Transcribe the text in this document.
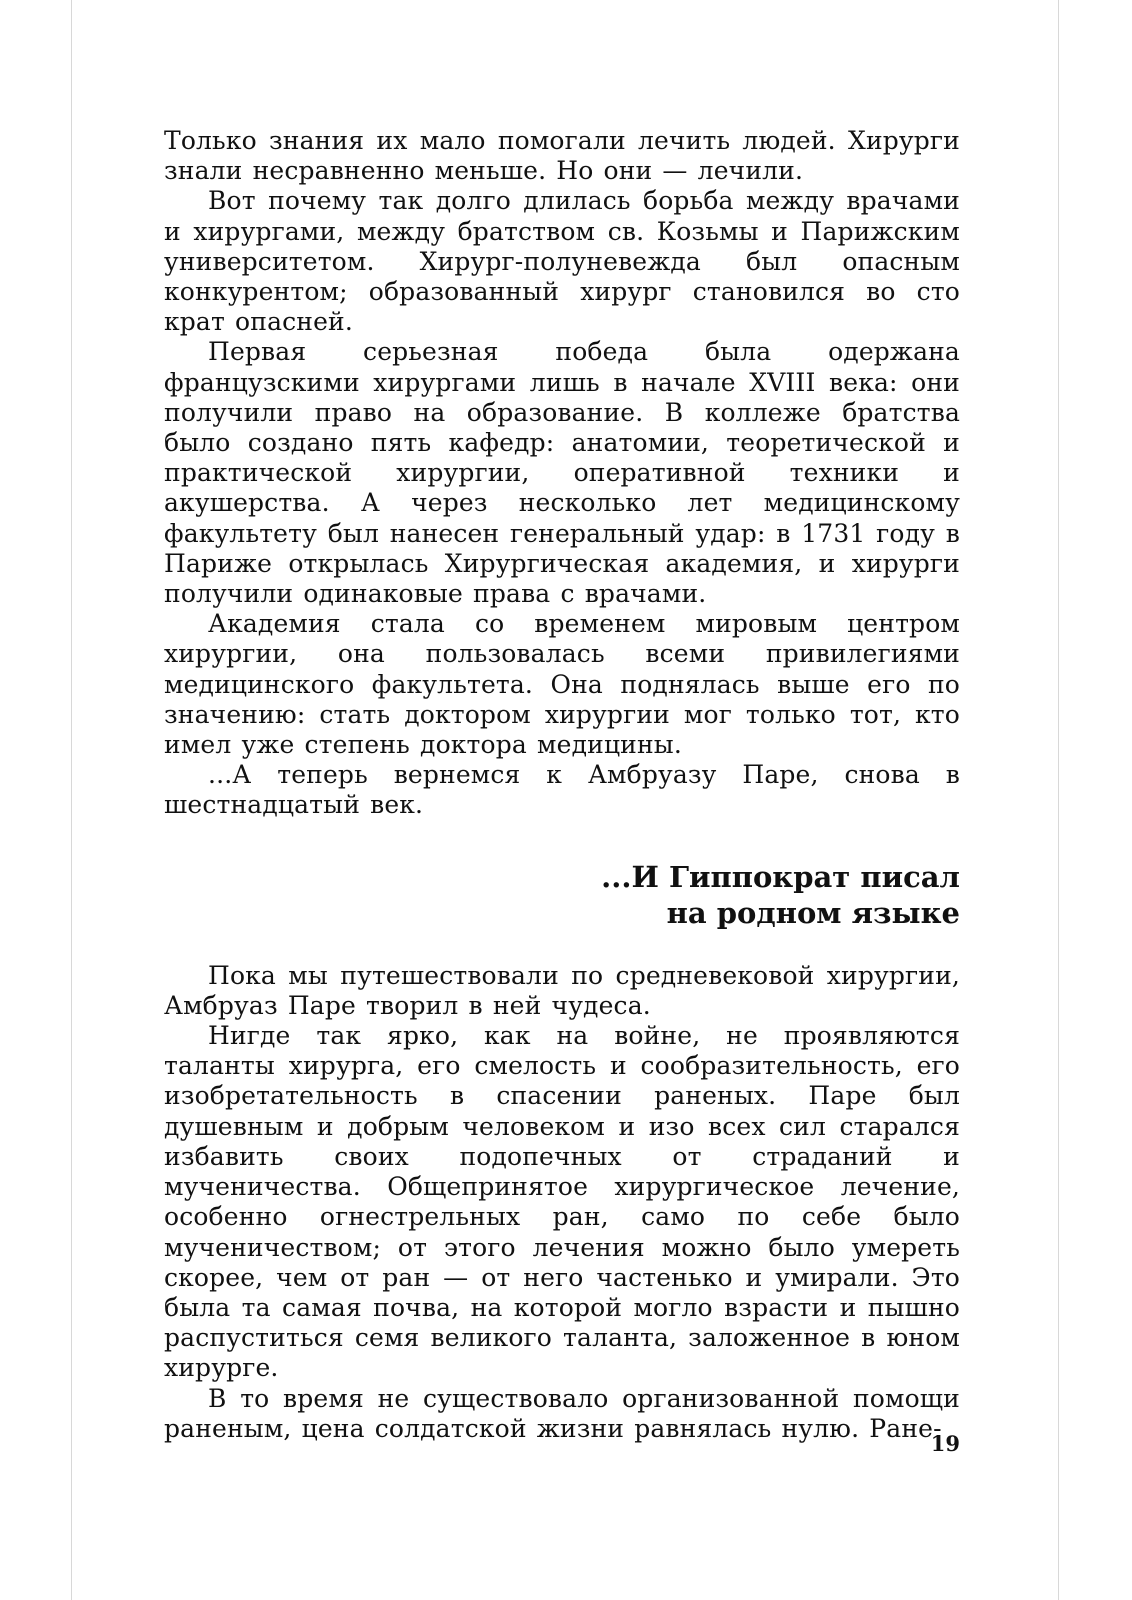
Только знания их мало помогали лечить людей. Хирурги знали несравненно меньше. Но они — лечили.

Вот почему так долго длилась борьба между врачами и хирургами, между братством св. Козьмы и Парижским университетом. Хирург-полуневежда был опасным конкурентом; образованный хирург становился во сто крат опасней.

Первая серьезная победа была одержана французскими хирургами лишь в начале XVIII века: они получили право на образование. В коллеже братства было создано пять кафедр: анатомии, теоретической и практической хирургии, оперативной техники и акушерства. А через несколько лет медицинскому факультету был нанесен генеральный удар: в 1731 году в Париже открылась Хирургическая академия, и хирурги получили одинаковые права с врачами.

Академия стала со временем мировым центром хирургии, она пользовалась всеми привилегиями медицинского факультета. Она поднялась выше его по значению: стать доктором хирургии мог только тот, кто имел уже степень доктора медицины.

...А теперь вернемся к Амбруазу Паре, снова в шестнадцатый век.

...И Гиппократ писал
на родном языке

Пока мы путешествовали по средневековой хирургии, Амбруаз Паре творил в ней чудеса.

Нигде так ярко, как на войне, не проявляются таланты хирурга, его смелость и сообразительность, его изобретательность в спасении раненых. Паре был душевным и добрым человеком и изо всех сил старался избавить своих подопечных от страданий и мученичества. Общепринятое хирургическое лечение, особенно огнестрельных ран, само по себе было мученичеством; от этого лечения можно было умереть скорее, чем от ран — от него частенько и умирали. Это была та самая почва, на которой могло взрасти и пышно распуститься семя великого таланта, заложенное в юном хирурге.

В то время не существовало организованной помощи раненым, цена солдатской жизни равнялась нулю. Ране-

19
